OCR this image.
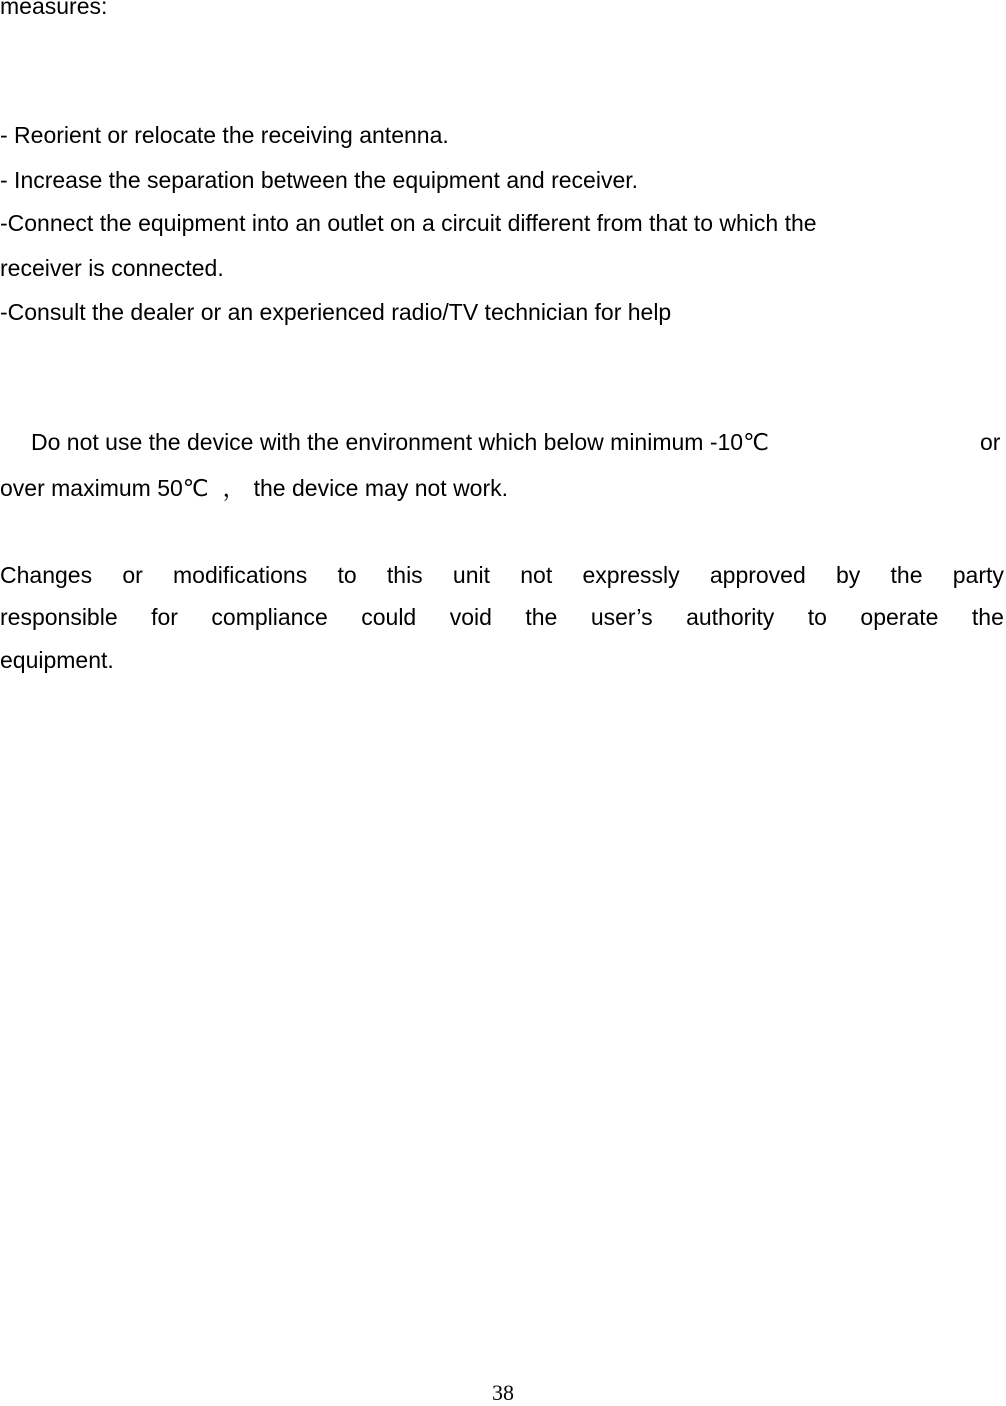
measures:
- Reorient or relocate the receiving antenna.
- Increase the separation between the equipment and receiver.
-Connect the equipment into an outlet on a circuit different from that to which the
receiver is connected.
-Consult the dealer or an experienced radio/TV technician for help
Do not use the device with the environment which below minimum -10℃	or
over maximum 50℃ ， the device may not work.
Changes or modifications to this unit not expressly approved by the party
responsible for compliance could void the user’s authority to operate the
equipment.
38
